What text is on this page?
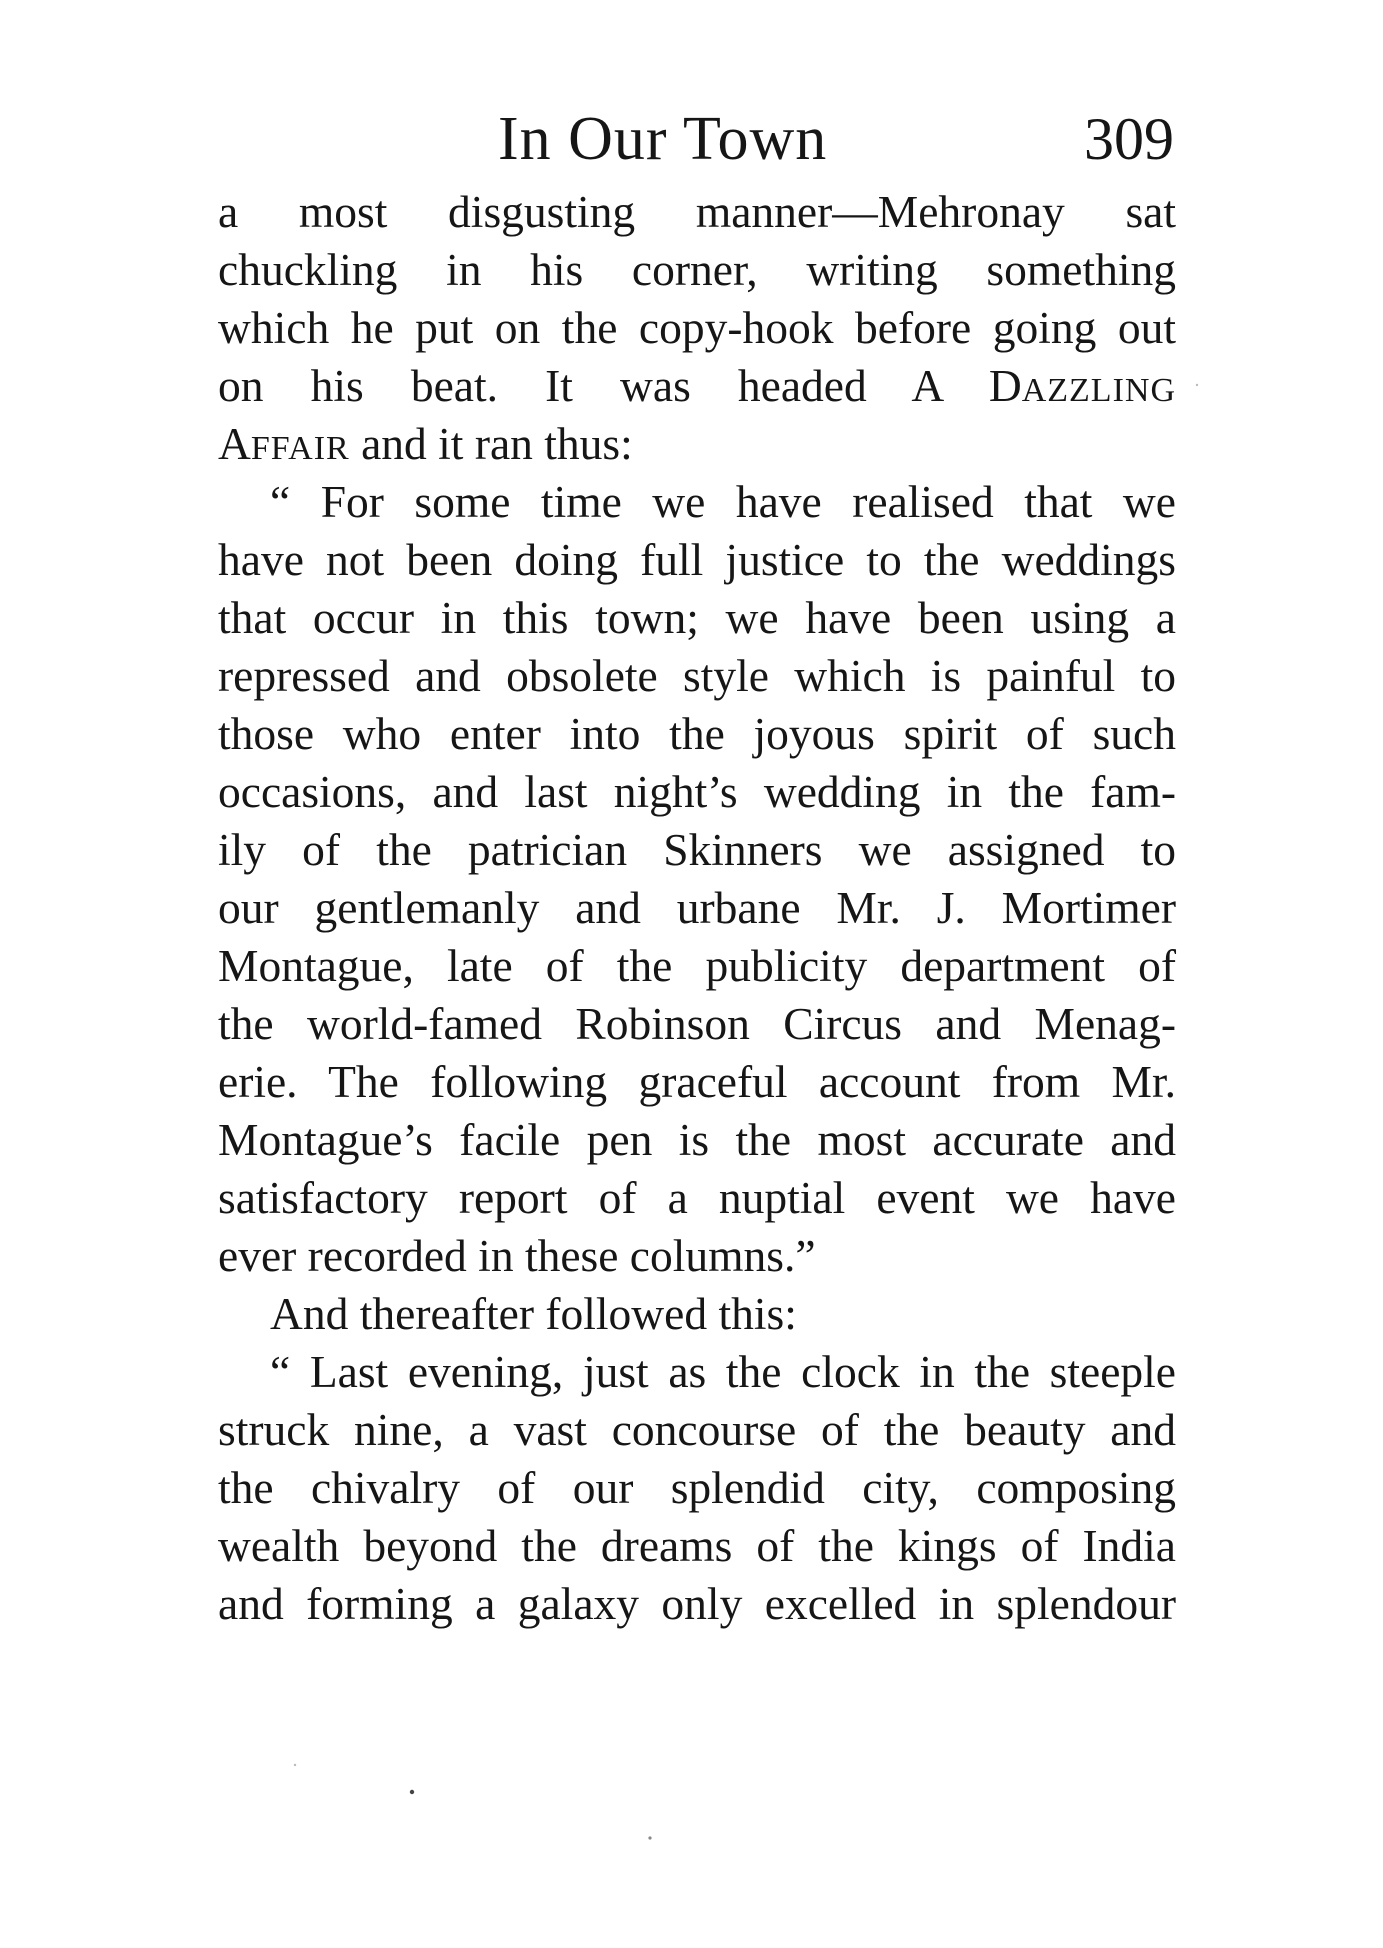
In Our Town	309
a most disgusting manner—Mehronay sat
chuckling in his corner, writing something
which he put on the copy-hook before going out
on his beat. It was headed A DAZZLING
AFFAIR and it ran thus:
“ For some time we have realised that we
have not been doing full justice to the weddings
that occur in this town; we have been using a
repressed and obsolete style which is painful to
those who enter into the joyous spirit of such
occasions, and last night’s wedding in the fam-
ily of the patrician Skinners we assigned to
our gentlemanly and urbane Mr. J. Mortimer
Montague, late of the publicity department of
the world-famed Robinson Circus and Menag-
erie. The following graceful account from Mr.
Montague’s facile pen is the most accurate and
satisfactory report of a nuptial event we have
ever recorded in these columns.”
And thereafter followed this:
“ Last evening, just as the clock in the steeple
struck nine, a vast concourse of the beauty and
the chivalry of our splendid city, composing
wealth beyond the dreams of the kings of India
and forming a galaxy only excelled in splendour
